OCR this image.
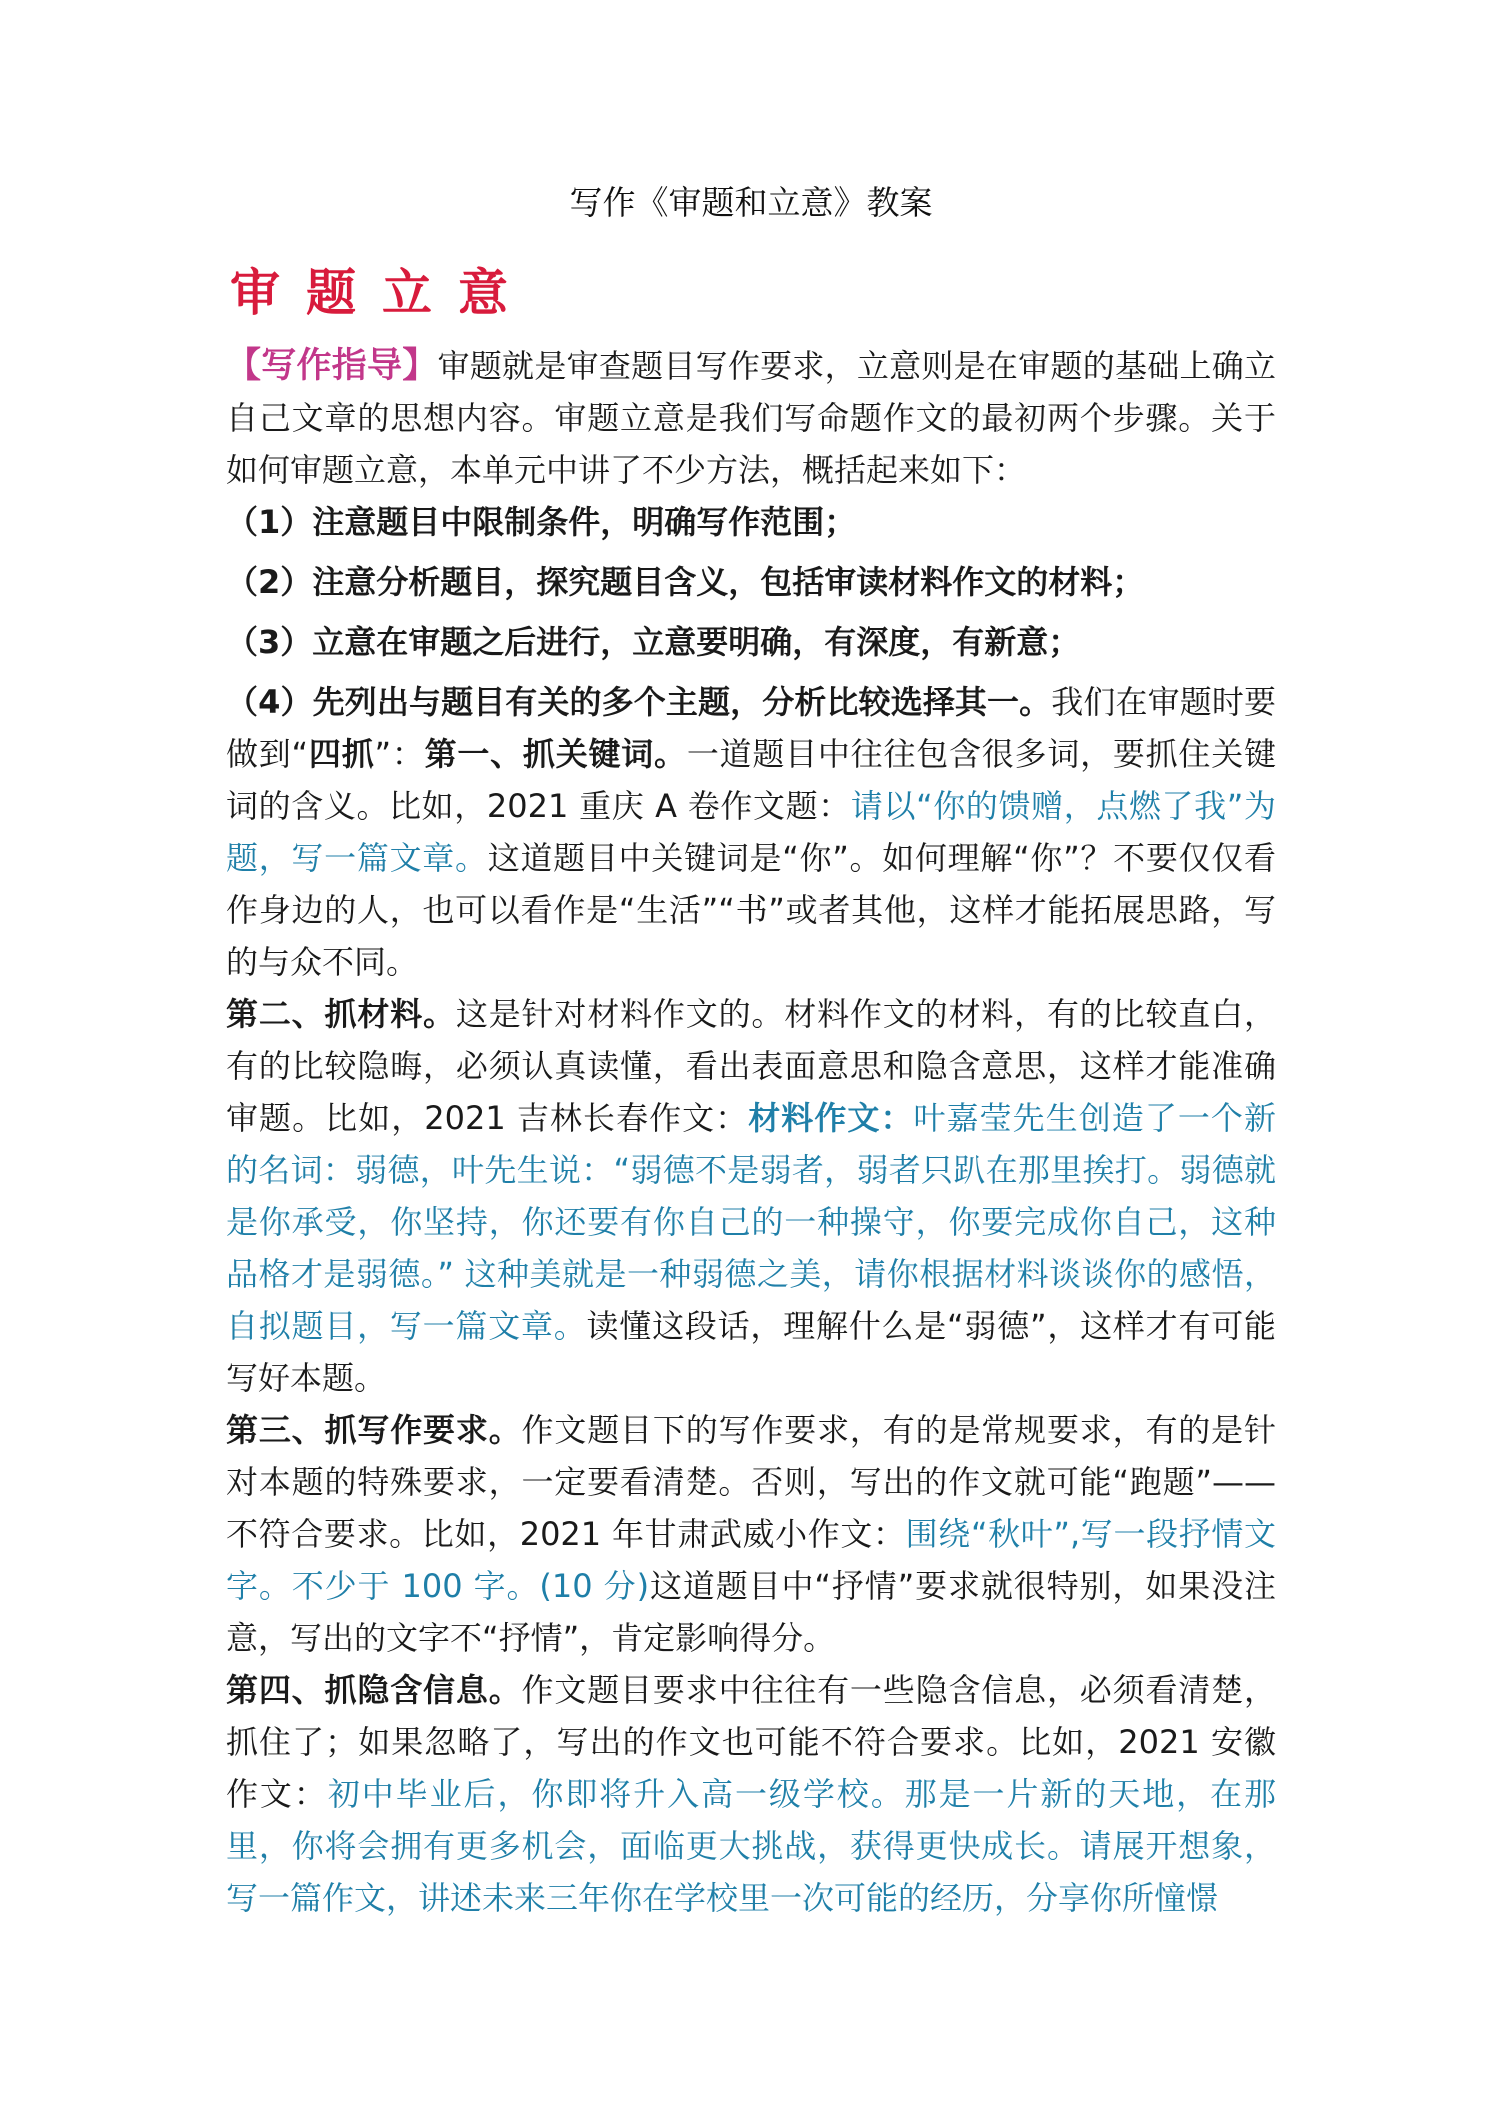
写作《审题和立意》教案
审题立意

【写作指导】审题就是审查题目写作要求，立意则是在审题的基础上确立自己文章的思想内容。审题立意是我们写命题作文的最初两个步骤。关于如何审题立意，本单元中讲了不少方法，概括起来如下：

（1）注意题目中限制条件，明确写作范围；

（2）注意分析题目，探究题目含义，包括审读材料作文的材料；

（3）立意在审题之后进行，立意要明确，有深度，有新意；

（4）先列出与题目有关的多个主题，分析比较选择其一。我们在审题时要做到“四抓”：第一、抓关键词。一道题目中往往包含很多词，要抓住关键词的含义。比如，2021 重庆 A 卷作文题：请以“你的馈赠，点燃了我”为题，写一篇文章。这道题目中关键词是“你”。如何理解“你”？不要仅仅看作身边的人，也可以看作是“生活”“书”或者其他，这样才能拓展思路，写的与众不同。

第二、抓材料。这是针对材料作文的。材料作文的材料，有的比较直白，有的比较隐晦，必须认真读懂，看出表面意思和隐含意思，这样才能准确审题。比如，2021 吉林长春作文：材料作文：叶嘉莹先生创造了一个新的名词：弱德，叶先生说：“弱德不是弱者，弱者只趴在那里挨打。弱德就是你承受，你坚持，你还要有你自己的一种操守，你要完成你自己，这种品格才是弱德。” 这种美就是一种弱德之美，请你根据材料谈谈你的感悟，自拟题目，写一篇文章。读懂这段话，理解什么是“弱德”，这样才有可能写好本题。

第三、抓写作要求。作文题目下的写作要求，有的是常规要求，有的是针对本题的特殊要求，一定要看清楚。否则，写出的作文就可能“跑题”——不符合要求。比如，2021 年甘肃武威小作文：围绕“秋叶”,写一段抒情文字。不少于 100 字。(10 分)这道题目中“抒情”要求就很特别，如果没注意，写出的文字不“抒情”，肯定影响得分。

第四、抓隐含信息。作文题目要求中往往有一些隐含信息，必须看清楚，抓住了；如果忽略了，写出的作文也可能不符合要求。比如，2021 安徽作文：初中毕业后，你即将升入高一级学校。那是一片新的天地，在那里，你将会拥有更多机会，面临更大挑战，获得更快成长。请展开想象，写一篇作文，讲述未来三年你在学校里一次可能的经历，分享你所憧憬
